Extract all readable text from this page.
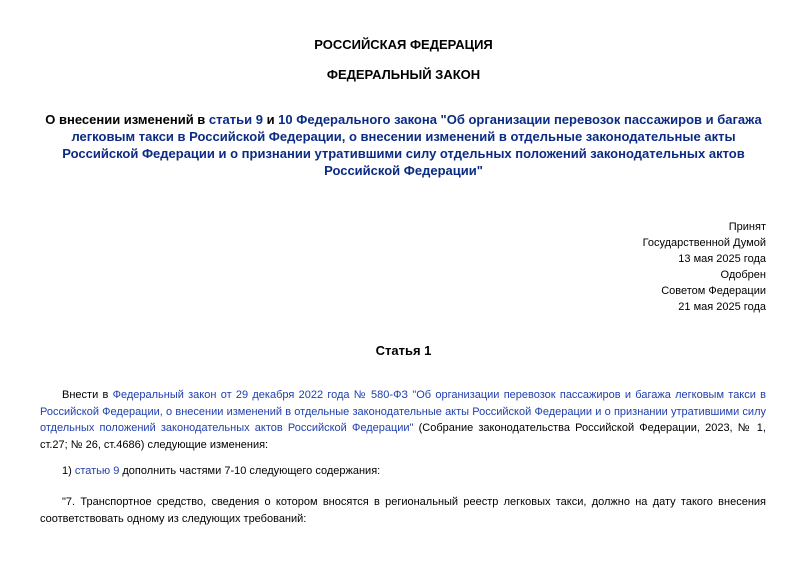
РОССИЙСКАЯ ФЕДЕРАЦИЯ
ФЕДЕРАЛЬНЫЙ ЗАКОН
О внесении изменений в статьи 9 и 10 Федерального закона "Об организации перевозок пассажиров и багажа легковым такси в Российской Федерации, о внесении изменений в отдельные законодательные акты Российской Федерации и о признании утратившими силу отдельных положений законодательных актов Российской Федерации"
Принят
Государственной Думой
13 мая 2025 года
Одобрен
Советом Федерации
21 мая 2025 года
Статья 1
Внести в Федеральный закон от 29 декабря 2022 года № 580-ФЗ "Об организации перевозок пассажиров и багажа легковым такси в Российской Федерации, о внесении изменений в отдельные законодательные акты Российской Федерации и о признании утратившими силу отдельных положений законодательных актов Российской Федерации" (Собрание законодательства Российской Федерации, 2023, № 1, ст.27; № 26, ст.4686) следующие изменения:
1) статью 9 дополнить частями 7-10 следующего содержания:
"7. Транспортное средство, сведения о котором вносятся в региональный реестр легковых такси, должно на дату такого внесения соответствовать одному из следующих требований:
